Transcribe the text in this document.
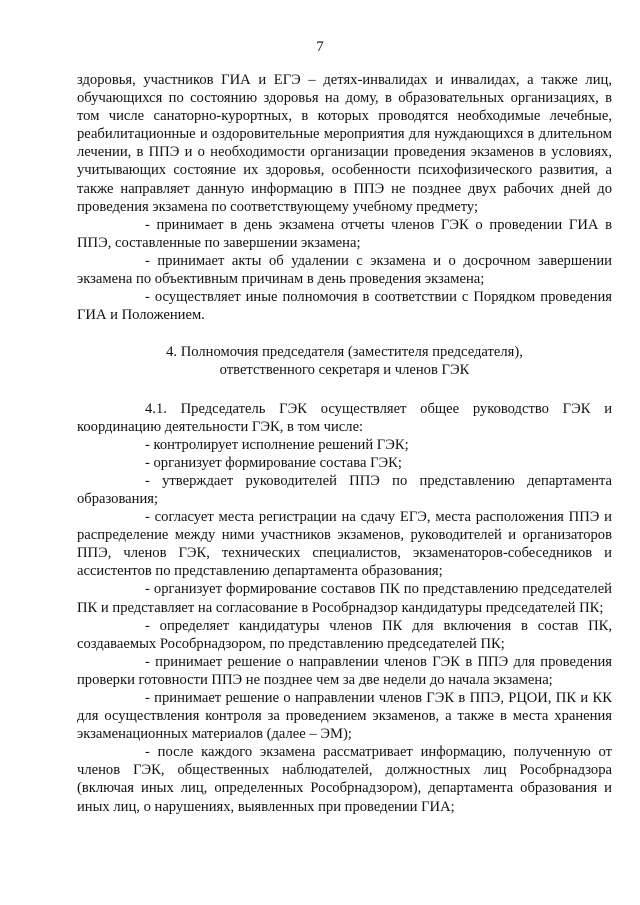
7

здоровья, участников ГИА и ЕГЭ – детях-инвалидах и инвалидах, а также лиц, обучающихся по состоянию здоровья на дому, в образовательных организациях, в том числе санаторно-курортных, в которых проводятся необходимые лечебные, реабилитационные и оздоровительные мероприятия для нуждающихся в длительном лечении, в ППЭ и о необходимости организации проведения экзаменов в условиях, учитывающих состояние их здоровья, особенности психофизического развития, а также направляет данную информацию в ППЭ не позднее двух рабочих дней до проведения экзамена по соответствующему учебному предмету;

- принимает в день экзамена отчеты членов ГЭК о проведении ГИА в ППЭ, составленные по завершении экзамена;

- принимает акты об удалении с экзамена и о досрочном завершении экзамена по объективным причинам в день проведения экзамена;

- осуществляет иные полномочия в соответствии с Порядком проведения ГИА и Положением.

4. Полномочия председателя (заместителя председателя),
ответственного секретаря и членов ГЭК

4.1. Председатель ГЭК осуществляет общее руководство ГЭК и координацию деятельности ГЭК, в том числе:

- контролирует исполнение решений ГЭК;

- организует формирование состава ГЭК;

- утверждает руководителей ППЭ по представлению департамента образования;

- согласует места регистрации на сдачу ЕГЭ, места расположения ППЭ и распределение между ними участников экзаменов, руководителей и организаторов ППЭ, членов ГЭК, технических специалистов, экзаменаторов-собеседников и ассистентов по представлению департамента образования;

- организует формирование составов ПК по представлению председателей ПК и представляет на согласование в Рособрнадзор кандидатуры председателей ПК;

- определяет кандидатуры членов ПК для включения в состав ПК, создаваемых Рособрнадзором, по представлению председателей ПК;

- принимает решение о направлении членов ГЭК в ППЭ для проведения проверки готовности ППЭ не позднее чем за две недели до начала экзамена;

- принимает решение о направлении членов ГЭК в ППЭ, РЦОИ, ПК и КК для осуществления контроля за проведением экзаменов, а также в места хранения экзаменационных материалов (далее – ЭМ);

- после каждого экзамена рассматривает информацию, полученную от членов ГЭК, общественных наблюдателей, должностных лиц Рособрнадзора (включая иных лиц, определенных Рособрнадзором), департамента образования и иных лиц, о нарушениях, выявленных при проведении ГИА;
